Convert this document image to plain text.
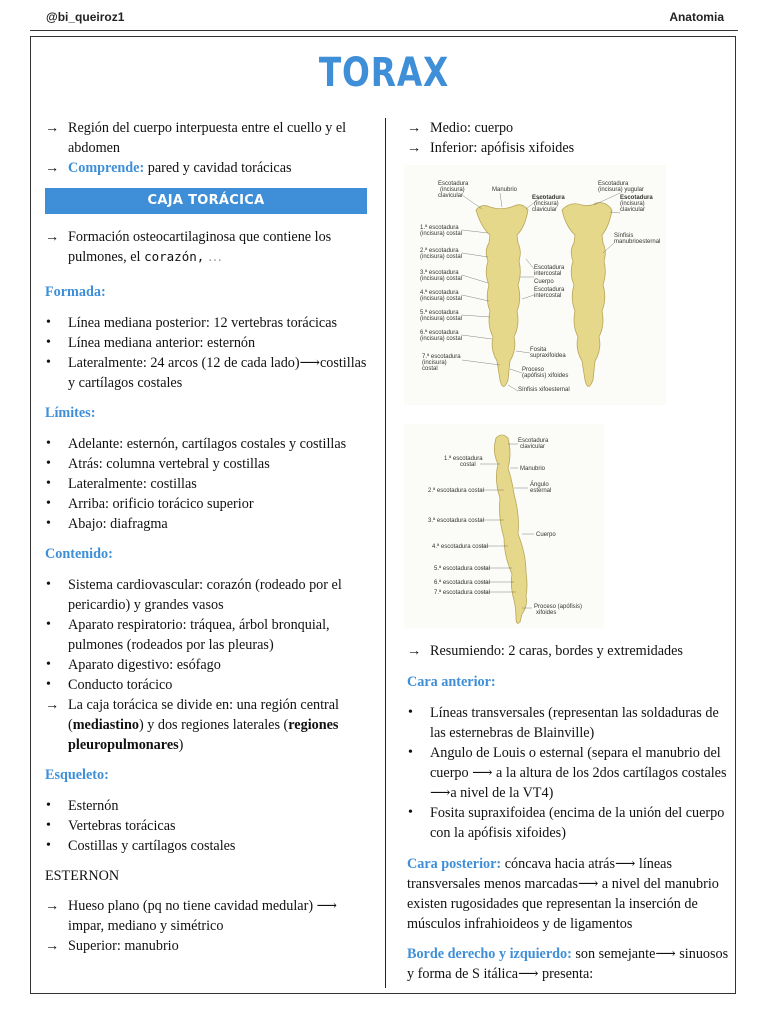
@bi_queiroz1	Anatomia
TORAX

→ Región del cuerpo interpuesta entre el cuello y el abdomen

→ Comprende: pared y cavidad torácicas

CAJA TORÁCICA

→ Formación osteocartilaginosa que contiene los pulmones, el corazón, …

Formada:
• Línea mediana posterior: 12 vertebras torácicas
• Línea mediana anterior: esternón
• Lateralmente: 24 arcos (12 de cada lado)⟶costillas y cartílagos costales
Límites:
• Adelante: esternón, cartílagos costales y costillas
• Atrás: columna vertebral y costillas
• Lateralmente: costillas
• Arriba: orificio torácico superior
• Abajo: diafragma
Contenido:
• Sistema cardiovascular: corazón (rodeado por el pericardio) y grandes vasos
• Aparato respiratorio: tráquea, árbol bronquial, pulmones (rodeados por las pleuras)
• Aparato digestivo: esófago
• Conducto torácico

→ La caja torácica se divide en: una región central (mediastino) y dos regiones laterales (regiones pleuropulmonares)

Esqueleto:
• Esternón
• Vertebras torácicas
• Costillas y cartílagos costales
ESTERNON

→ Hueso plano (pq no tiene cavidad medular) ⟶ impar, mediano y simétrico

→ Superior: manubrio

→ Medio: cuerpo

→ Inferior: apófisis xifoides

Escotadura
(incisura)
clavicular
Manubrio
Escotadura
(incisura)
clavicular
Escotadura
(incisura) yugular
Escotadura
(incisura)
clavicular
1.ª escotadura
(incisura) costal
2.ª escotadura
(incisura) costal
3.ª escotadura
(incisura) costal
4.ª escotadura
(incisura) costal
5.ª escotadura
(incisura) costal
6.ª escotadura
(incisura) costal
7.ª escotadura
(incisura)
costal
Sínfisis
manubrioesternal
Escotadura
intercostal
Cuerpo
Escotadura
intercostal
Fosita
supraxifoidea
Proceso
(apófisis) xifoides
Sínfisis xifoesternal
Escotadura
clavicular
1.ª escotadura
costal
Manubrio
2.ª escotadura costal
Ángulo
esternal
3.ª escotadura costal
Cuerpo
4.ª escotadura costal
5.ª escotadura costal
6.ª escotadura costal
7.ª escotadura costal
Proceso (apófisis)
xifoides

→ Resumiendo: 2 caras, bordes y extremidades

Cara anterior:
• Líneas transversales (representan las soldaduras de las esternebras de Blainville)
• Angulo de Louis o esternal (separa el manubrio del cuerpo ⟶ a la altura de los 2dos cartílagos costales ⟶a nivel de la VT4)
• Fosita supraxifoidea (encima de la unión del cuerpo con la apófisis xifoides)

Cara posterior: cóncava hacia atrás⟶ líneas transversales menos marcadas⟶ a nivel del manubrio existen rugosidades que representan la inserción de músculos infrahioideos y de ligamentos

Borde derecho y izquierdo: son semejante⟶ sinuosos y forma de S itálica⟶ presenta:
